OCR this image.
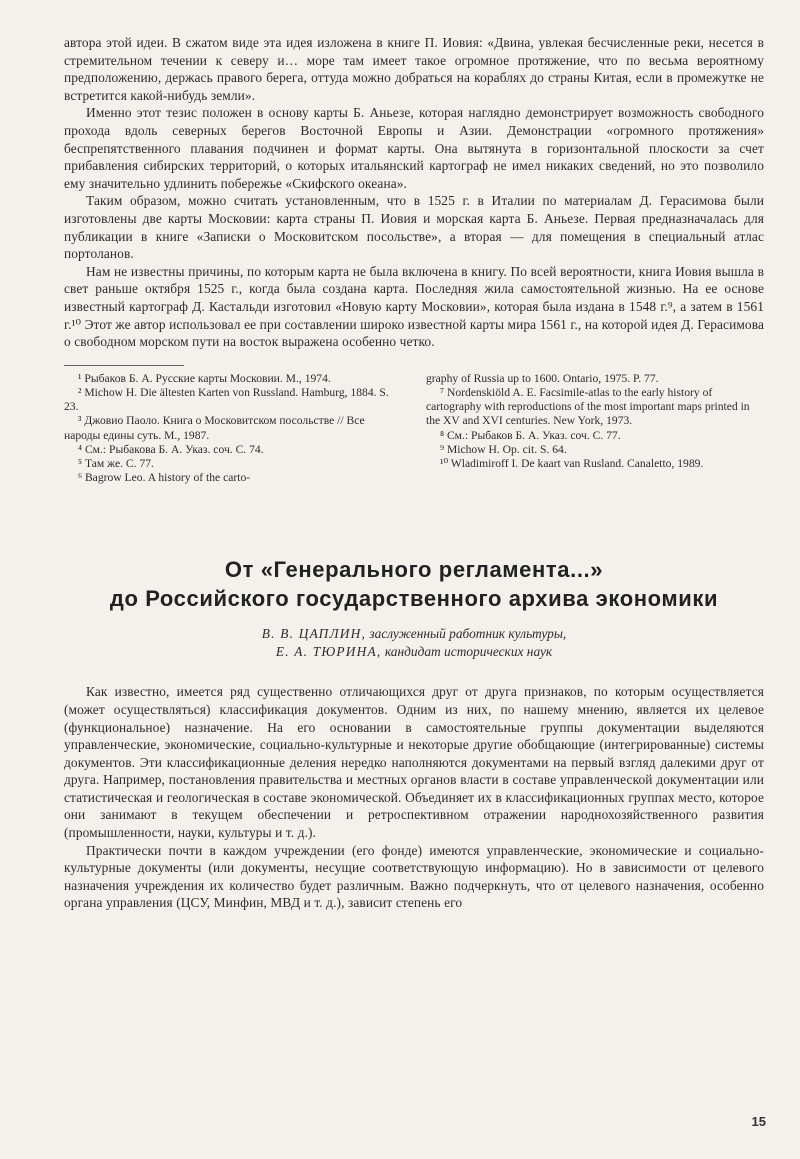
автора этой идеи. В сжатом виде эта идея изложена в книге П. Иовия: «Двина, увлекая бесчисленные реки, несется в стремительном течении к северу и… море там имеет такое огромное протяжение, что по весьма вероятному предположению, держась правого берега, оттуда можно добраться на кораблях до страны Китая, если в промежутке не встретится какой-нибудь земли».

Именно этот тезис положен в основу карты Б. Аньезе, которая наглядно демонстрирует возможность свободного прохода вдоль северных берегов Восточной Европы и Азии. Демонстрации «огромного протяжения» беспрепятственного плавания подчинен и формат карты. Она вытянута в горизонтальной плоскости за счет прибавления сибирских территорий, о которых итальянский картограф не имел никаких сведений, но это позволило ему значительно удлинить побережье «Скифского океана».

Таким образом, можно считать установленным, что в 1525 г. в Италии по материалам Д. Герасимова были изготовлены две карты Московии: карта страны П. Иовия и морская карта Б. Аньезе. Первая предназначалась для публикации в книге «Записки о Московитском посольстве», а вторая — для помещения в специальный атлас портоланов.

Нам не известны причины, по которым карта не была включена в книгу. По всей вероятности, книга Иовия вышла в свет раньше октября 1525 г., когда была создана карта. Последняя жила самостоятельной жизнью. На ее основе известный картограф Д. Кастальди изготовил «Новую карту Московии», которая была издана в 1548 г.⁹, а затем в 1561 г.¹⁰ Этот же автор использовал ее при составлении широко известной карты мира 1561 г., на которой идея Д. Герасимова о свободном морском пути на восток выражена особенно четко.

¹ Рыбаков Б. А. Русские карты Московии. М., 1974.

² Michow H. Die ältesten Karten von Russland. Hamburg, 1884. S. 23.

³ Джовио Паоло. Книга о Московитском посольстве // Все народы едины суть. М., 1987.

⁴ См.: Рыбакова Б. А. Указ. соч. С. 74.

⁵ Там же. С. 77.

⁶ Bagrow Leo. A history of the carto-

graphy of Russia up to 1600. Ontario, 1975. P. 77.

⁷ Nordenskiöld A. E. Facsimile-atlas to the early history of cartography with reproductions of the most important maps printed in the XV and XVI centuries. New York, 1973.

⁸ См.: Рыбаков Б. А. Указ. соч. С. 77.

⁹ Michow H. Op. cit. S. 64.

¹⁰ Wladimiroff I. De kaart van Rusland. Canaletto, 1989.

От «Генерального регламента...»
до Российского государственного архива экономики
В. В. ЦАПЛИН, заслуженный работник культуры,
Е. А. ТЮРИНА, кандидат исторических наук

Как известно, имеется ряд существенно отличающихся друг от друга признаков, по которым осуществляется (может осуществляться) классификация документов. Одним из них, по нашему мнению, является их целевое (функциональное) назначение. На его основании в самостоятельные группы документации выделяются управленческие, экономические, социально-культурные и некоторые другие обобщающие (интегрированные) системы документов. Эти классификационные деления нередко наполняются документами на первый взгляд далекими друг от друга. Например, постановления правительства и местных органов власти в составе управленческой документации или статистическая и геологическая в составе экономической. Объединяет их в классификационных группах место, которое они занимают в текущем обеспечении и ретроспективном отражении народнохозяйственного развития (промышленности, науки, культуры и т. д.).

Практически почти в каждом учреждении (его фонде) имеются управленческие, экономические и социально-культурные документы (или документы, несущие соответствующую информацию). Но в зависимости от целевого назначения учреждения их количество будет различным. Важно подчеркнуть, что от целевого назначения, особенно органа управления (ЦСУ, Минфин, МВД и т. д.), зависит степень его

15
